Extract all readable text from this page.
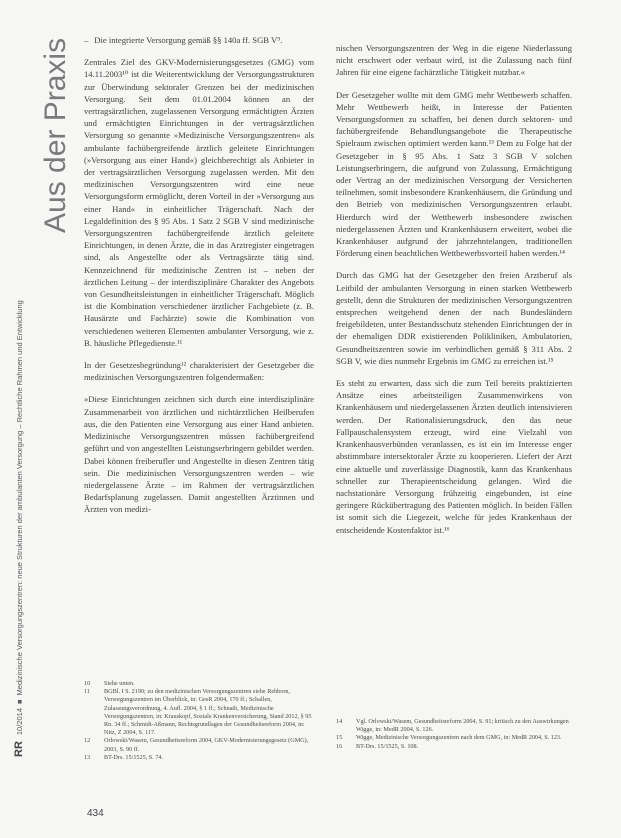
Aus der Praxis
RR10/2014■Medizinische Versorgungszentren: neue Strukturen der ambulanten Versorgung – Rechtliche Rahmen und Entwicklung
– Die integrierte Versorgung gemäß §§ 140a ff. SGB V⁹.

Zentrales Ziel des GKV-Modernisierungsgesetzes (GMG) vom 14.11.2003¹⁰ ist die Weiterentwicklung der Versorgungsstrukturen zur Überwindung sektoraler Grenzen bei der medizinischen Versorgung. Seit dem 01.01.2004 können an der vertragsärztlichen, zugelassenen Versorgung ermächtigten Ärzten und ermächtigten Einrichtungen in der vertragsärztlichen Versorgung so genannte »Medizinische Versorgungszentren« als ambulante fachübergreifende ärztlich geleitete Einrichtungen (»Versorgung aus einer Hand«) gleichberechtigt als Anbieter in der vertragsärztlichen Versorgung zugelassen werden. Mit den medizinischen Versorgungszentren wird eine neue Versorgungsform ermöglicht, deren Vorteil in der »Versorgung aus einer Hand« in einheitlicher Trägerschaft. Nach der Legaldefinition des § 95 Abs. 1 Satz 2 SGB V sind medizinische Versorgungszentren fachübergreifende ärztlich geleitete Einrichtungen, in denen Ärzte, die in das Arztregister eingetragen sind, als Angestellte oder als Vertragsärzte tätig sind. Kennzeichnend für medizinische Zentren ist – neben der ärztlichen Leitung – der interdisziplinäre Charakter des Angebots von Gesundheitsleistungen in einheitlicher Trägerschaft. Möglich ist die Kombination verschiedener ärztlicher Fachgebiete (z. B. Hausärzte und Fachärzte) sowie die Kombination von verschiedenen weiteren Elementen ambulanter Versorgung, wie z. B. häusliche Pflegedienste.¹¹

In der Gesetzesbegründung¹² charakterisiert der Gesetzgeber die medizinischen Versorgungszentren folgendermaßen:

»Diese Einrichtungen zeichnen sich durch eine interdisziplinäre Zusammenarbeit von ärztlichen und nichtärztlichen Heilberufen aus, die den Patienten eine Versorgung aus einer Hand anbieten. Medizinische Versorgungszentren müssen fachübergreifend geführt und von angestellten Leistungserbringern gebildet werden. Dabei können freiberufler und Angestellte in diesen Zentren tätig sein. Die medizinischen Versorgungszentren werden – wie niedergelassene Ärzte – im Rahmen der vertragsärztlichen Bedarfsplanung zugelassen. Damit angestellten Ärztinnen und Ärzten von medizi-

nischen Versorgungszentren der Weg in die eigene Niederlassung nicht erschwert oder verbaut wird, ist die Zulassung nach fünf Jahren für eine eigene fachärztliche Tätigkeit nutzbar.«

Der Gesetzgeber wollte mit dem GMG mehr Wettbewerb schaffen. Mehr Wettbewerb heißt, in Interesse der Patienten Versorgungsformen zu schaffen, bei denen durch sektoren- und fachübergreifende Behandlungsangebote die Therapeutische Spielraum zwischen optimiert werden kann.¹³ Dem zu Folge hat der Gesetzgeber in § 95 Abs. 1 Satz 3 SGB V solchen Leistungserbringern, die aufgrund von Zulassung, Ermächtigung oder Vertrag an der medizinischen Versorgung der Versicherten teilnehmen, somit insbesondere Krankenhäusern, die Gründung und den Betrieb von medizinischen Versorgungszentren erlaubt. Hierdurch wird der Wettbewerb insbesondere zwischen niedergelassenen Ärzten und Krankenhäusern erweitert, wobei die Krankenhäuser aufgrund der jahrzehntelangen, traditionellen Förderung einen beachtlichen Wettbewerbsvorteil haben werden.¹⁴

Durch das GMG hat der Gesetzgeber den freien Arztberuf als Leitbild der ambulanten Versorgung in einen starken Wettbewerb gestellt, denn die Strukturen der medizinischen Versorgungszentren entsprechen weitgehend denen der nach Bundesländern freigebildeten, unter Bestandsschutz stehenden Einrichtungen der in der ehemaligen DDR existierenden Polikliniken, Ambulatorien, Gesundheitszentren sowie im verbindlichen gemäß § 311 Abs. 2 SGB V, wie dies nunmehr Ergebnis im GMG zu erreichen ist.¹⁵

Es steht zu erwarten, dass sich die zum Teil bereits praktizierten Ansätze eines arbeitsteiligen Zusammenwirkens von Krankenhäusern und niedergelassenen Ärzten deutlich intensivieren werden. Der Rationalisierungsdruck, den das neue Fallpauschalensystem erzeugt, wird eine Vielzahl von Krankenhausverbünden veranlassen, es ist ein im Interesse enger abstimmbare intersektoraler Ärzte zu kooperieren. Liefert der Arzt eine aktuelle und zuverlässige Diagnostik, kann das Krankenhaus schneller zur Therapieentscheidung gelangen. Wird die nachstationäre Versorgung frühzeitig eingebunden, ist eine geringere Rückübertragung des Patienten möglich. In beiden Fällen ist somit sich die Liegezeit, welche für jedes Krankenhaus der entscheidende Kostenfaktor ist.¹⁶

10	Siehe unten.
11	BGBl. I S. 2190; zu den medizinischen Versorgungszentren siehe Rehborn, Versorgungszentren im Überblick, in: GesR 2004, 170 ff.; Schallen, Zulassungsverordnung, 4. Aufl. 2004, § 1 ff.; Schnath, Medizinische Versorgungszentren, in: Krauskopf, Soziale Krankenversicherung, Stand 2012, § 95 Rn. 34 ff.; Schmidt-Aßmann, Rechtsgrundlagen der Gesundheitsreform 2004, in: Nitz, Z 2004, S. 117.
12	Orlowski/Wasem, Gesundheitsreform 2004, GKV-Modernisierungsgesetz (GMG), 2003, S. 90 ff.
13	BT-Drs. 15/1525, S. 74.
14	Vgl. Orlowski/Wasem, Gesundheitsreform 2004, S. 91; kritisch zu den Auswirkungen Wigge, in: MedR 2004, S. 126.
15	Wigge, Medizinische Versorgungszentren nach dem GMG, in: MedR 2004, S. 123.
16	BT-Drs. 15/1525, S. 108.
434
